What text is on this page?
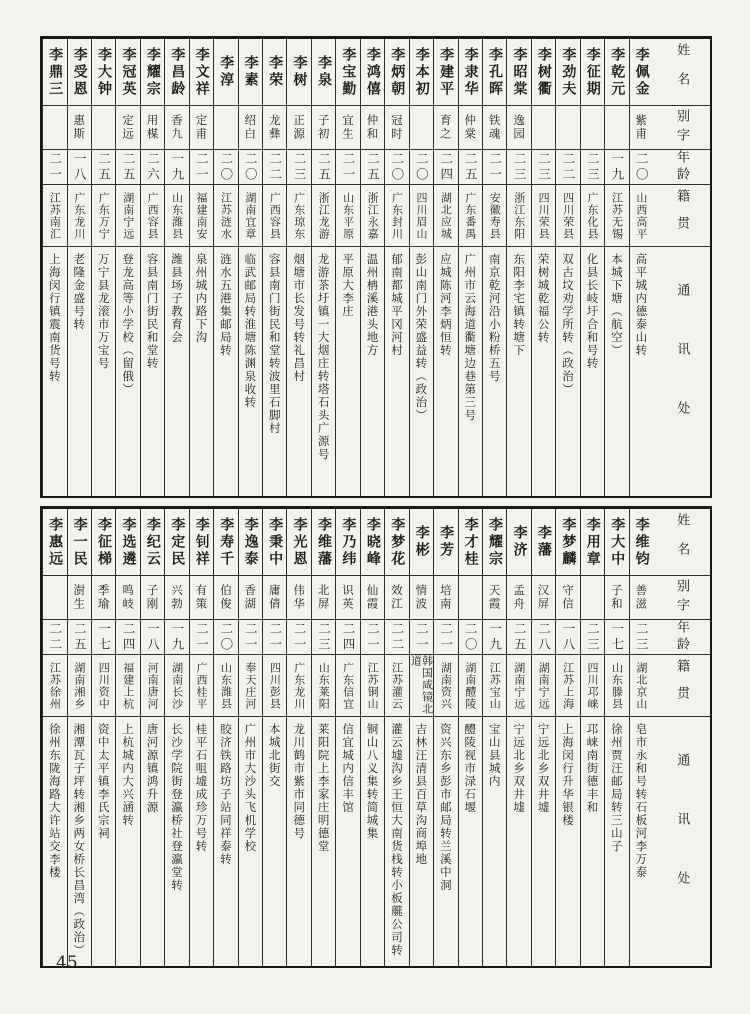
姓名
别字
年龄
籍贯
通讯处
李佩金
紫甫
二〇
山西高平
高平城内德泰山转
李乾元
一九
江苏无锡
本城下塘（航空）
李征期
二三
广东化县
化县长岐圩合和号转
李劲夫
二二
四川荣县
双古坟劝学所转（政治）
李树衢
二三
四川荣县
荣树城乾福公转
李昭棠
逸园
二三
浙江东阳
东阳李宅镇转塘下
李孔晖
铁魂
二一
安徽寿县
南京乾河沿小粉桥五号
李隶华
仲棠
二五
广东番禺
广州市云海道衢塘边巷第三号
李建平
育之
二四
湖北应城
应城陈河李炳恒转
李本初
二〇
四川眉山
彭山南门外荣盛益转（政治）
李炳朝
冠时
二〇
广东封川
郁南都城平冈河村
李鸿僖
仲和
二五
浙江永嘉
温州柟溪港头地方
李宝勤
宜生
二一
山东平原
平原大李庄
李泉
子初
二五
浙江龙游
龙游茶圩镇一大烟庄转塔石头广源号
李树
正源
二三
广东琼东
烟塘市长发号转礼昌村
李荣
龙彝
二二
广西容县
容县南门街民和堂转波里石脚村
李素
绍白
二〇
湖南宜章
临武邮局转淮塘陈渊泉收转
李淳
二〇
江苏涟水
涟水五港集邮局转
李文祥
定甫
二一
福建南安
泉州城内路下沟
李昌龄
香九
一九
山东潍县
潍县场子教育会
李耀宗
用楳
二六
广西容县
容县南门街民和堂转
李冠英
定远
二五
湖南宁远
登龙高等小学校（留俄）
李大钟
二五
广东万宁
万宁县龙滚市万宝号
李受恩
惠斯
一八
广东龙川
老隆金盛号转
李鼎三
二一
江苏南汇
上海闵行镇震南货号转
姓名
别字
年龄
籍贯
通讯处
李维钧
善滋
二三
湖北京山
皂市永和号转石板河李万泰
李大中
子和
一七
山东滕县
徐州贾汪邮局转三山子
李用章
二三
四川邛崃
邛崃南街德丰和
李梦麟
守信
一八
江苏上海
上海闵行升华银楼
李藩
汉屏
二八
湖南宁远
宁远北乡双井墟
李济
孟舟
二五
湖南宁远
宁远北乡双井墟
李耀宗
天霞
一九
江苏宝山
宝山县城内
李才桂
二〇
湖南醴陵
醴陵视市渌石堰
李芳
培南
二一
湖南资兴
资兴东乡彭市邮局转兰溪中洞
李彬
情波
二一
韩国咸镜北道
吉林汪清县百草沟商埠地
李梦花
效江
二二
江苏灌云
灌云墟沟乡王恒大南货栈转小板艞公司转
李晓峰
仙霞
二一
江苏铜山
铜山八义集转简城集
李乃纬
识英
二四
广东信宜
信宜城内信丰馆
李维藩
北屏
二三
山东莱阳
莱阳院上李家庄明德堂
李光恩
伟华
二一
广东龙川
龙川鹤市紫市同德号
李秉中
庸倩
二一
四川彭县
本城北街交
李逸泰
香湖
二一
奉天庄河
广州市大沙头飞机学校
李寿千
伯俊
二〇
山东潍县
胶济铁路坊子站同祥泰转
李钊祥
有策
二一
广西桂平
桂平石咀墟成珍万号转
李定民
兴勃
一九
湖南长沙
长沙学院街登瀛桥社登瀛堂转
李纪云
子刚
一八
河南唐河
唐河源镇鸿升源
李选遴
鸣岐
二四
福建上杭
上杭城内大兴涵转
李征梯
季瑜
一七
四川资中
资中太平镇李氏宗祠
李一民
澍生
二五
湖南湘乡
湘潭瓦子坪转湘乡两女桥长昌湾（政治）
李惠远
二二
江苏徐州
徐州东陇海路大许站交李楼
45
